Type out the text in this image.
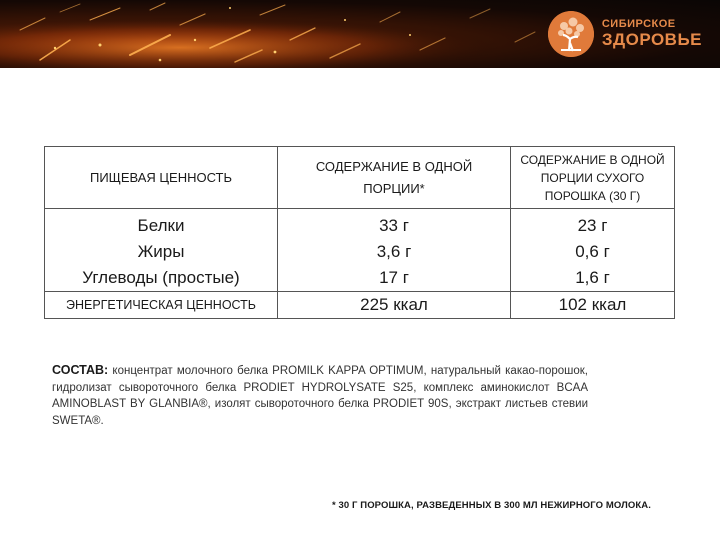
СИБИРСКОЕ
ЗДОРОВЬЕ
ПИЩЕВАЯ ЦЕННОСТЬ	СОДЕРЖАНИЕ В ОДНОЙ ПОРЦИИ*	СОДЕРЖАНИЕ В ОДНОЙ ПОРЦИИ СУХОГО ПОРОШКА (30 Г)

Белки	33 г	23 г
Жиры	3,6 г	0,6 г
Углеводы (простые)	17 г	1,6 г
ЭНЕРГЕТИЧЕСКАЯ ЦЕННОСТЬ	225 ккал	102 ккал
СОСТАВ: концентрат молочного белка PROMILK KAPPA OPTIMUM, натуральный какао-порошок, гидролизат сывороточного белка PRODIET HYDROLYSATE S25, комплекс аминокислот BCAA AMINOBLAST BY GLANBIA®, изолят сывороточного белка PRODIET 90S, экстракт листьев стевии SWETA®.
* 30 Г ПОРОШКА, РАЗВЕДЕННЫХ В 300 МЛ НЕЖИРНОГО МОЛОКА.
